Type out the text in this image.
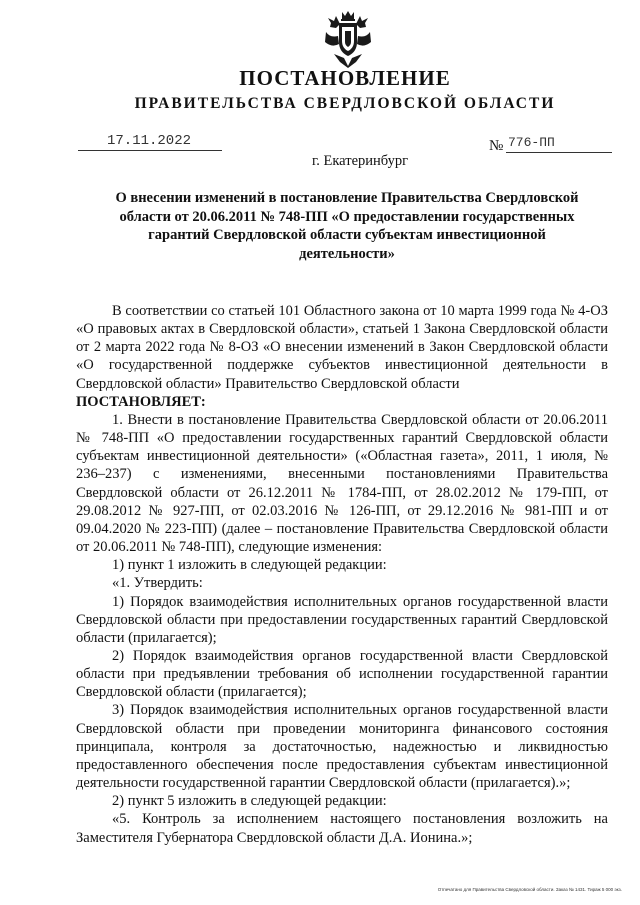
ПОСТАНОВЛЕНИЕ
ПРАВИТЕЛЬСТВА СВЕРДЛОВСКОЙ ОБЛАСТИ
17.11.2022	№ 776-ПП
г. Екатеринбург
О внесении изменений в постановление Правительства Свердловской области от 20.06.2011 № 748-ПП «О предоставлении государственных гарантий Свердловской области субъектам инвестиционной деятельности»

В соответствии со статьей 101 Областного закона от 10 марта 1999 года № 4-ОЗ «О правовых актах в Свердловской области», статьей 1 Закона Свердловской области от 2 марта 2022 года № 8-ОЗ «О внесении изменений в Закон Свердловской области «О государственной поддержке субъектов инвестиционной деятельности в Свердловской области» Правительство Свердловской области

ПОСТАНОВЛЯЕТ:

1. Внести в постановление Правительства Свердловской области от 20.06.2011 № 748-ПП «О предоставлении государственных гарантий Свердловской области субъектам инвестиционной деятельности» («Областная газета», 2011, 1 июля, № 236–237) с изменениями, внесенными постановлениями Правительства Свердловской области от 26.12.2011 № 1784-ПП, от 28.02.2012 № 179-ПП, от 29.08.2012 № 927-ПП, от 02.03.2016 № 126-ПП, от 29.12.2016 № 981-ПП и от 09.04.2020 № 223-ПП) (далее – постановление Правительства Свердловской области от 20.06.2011 № 748-ПП), следующие изменения:

1) пункт 1 изложить в следующей редакции:

«1. Утвердить:

1) Порядок взаимодействия исполнительных органов государственной власти Свердловской области при предоставлении государственных гарантий Свердловской области (прилагается);

2) Порядок взаимодействия органов государственной власти Свердловской области при предъявлении требования об исполнении государственной гарантии Свердловской области (прилагается);

3) Порядок взаимодействия исполнительных органов государственной власти Свердловской области при проведении мониторинга финансового состояния принципала, контроля за достаточностью, надежностью и ликвидностью предоставленного обеспечения после предоставления субъектам инвестиционной деятельности государственной гарантии Свердловской области (прилагается).»;

2) пункт 5 изложить в следующей редакции:

«5. Контроль за исполнением настоящего постановления возложить на Заместителя Губернатора Свердловской области Д.А. Ионина.»;

Отпечатано для Правительства Свердловской области. Заказ № 1431. Тираж 5 000 экз.
